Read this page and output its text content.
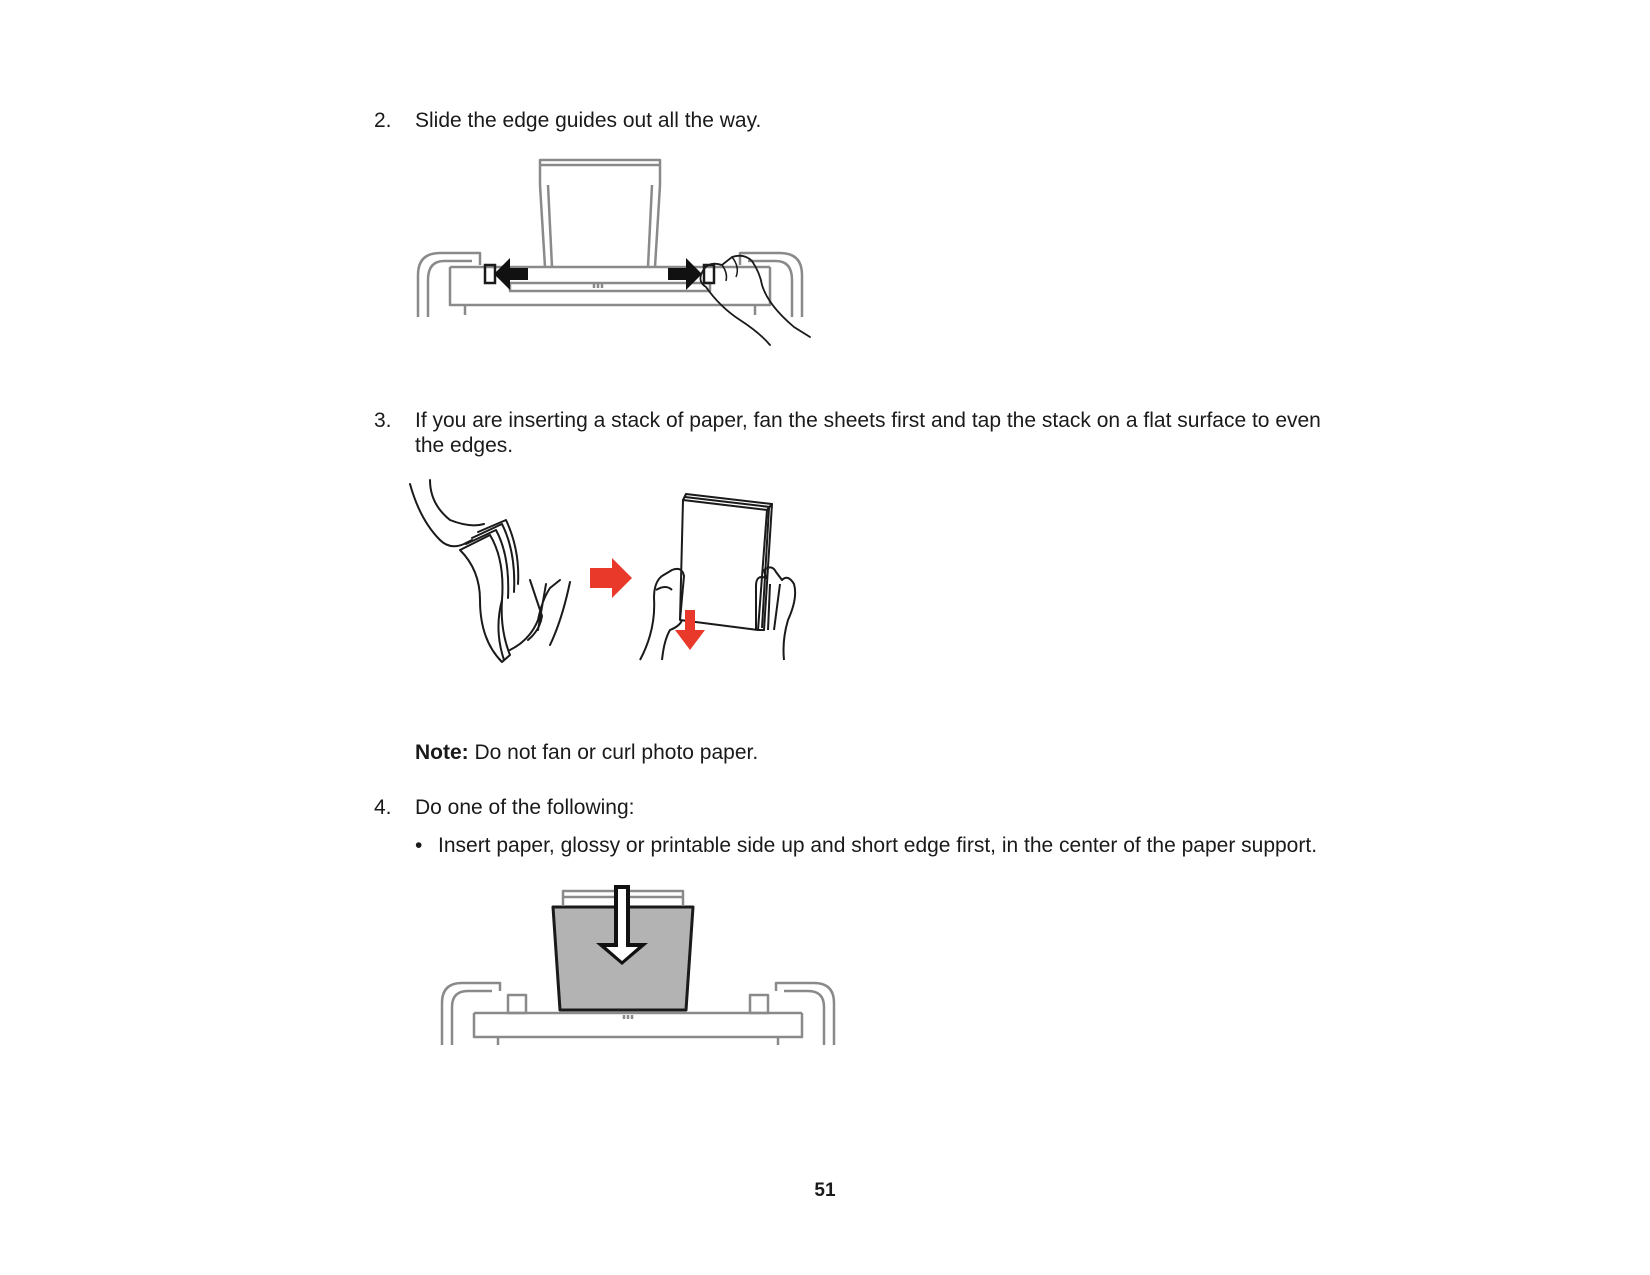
2.	Slide the edge guides out all the way.
3.	If you are inserting a stack of paper, fan the sheets first and tap the stack on a flat surface to even
the edges.
Note: Do not fan or curl photo paper.
4.	Do one of the following:
• Insert paper, glossy or printable side up and short edge first, in the center of the paper support.
51
